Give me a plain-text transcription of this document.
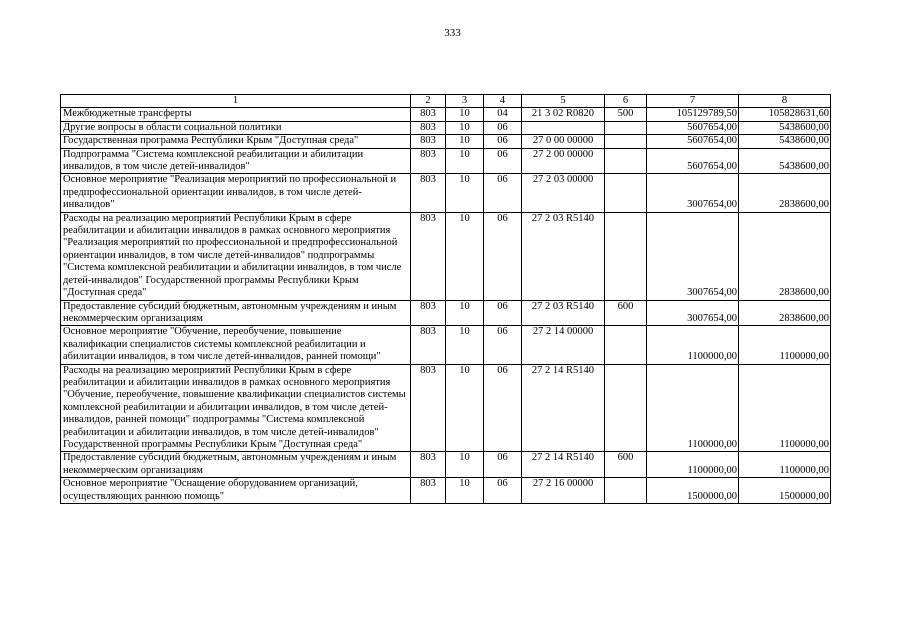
333
1	2	3	4	5	6	7	8
Межбюджетные трансферты	803	10	04	21 3 02 R0820	500	105129789,50	105828631,60
Другие вопросы в области социальной политики	803	10	06			5607654,00	5438600,00
Государственная программа Республики Крым "Доступная среда"	803	10	06	27 0 00 00000		5607654,00	5438600,00
Подпрограмма "Система комплексной реабилитации и абилитации инвалидов, в том числе детей-инвалидов"	803	10	06	27 2 00 00000		5607654,00	5438600,00
Основное мероприятие "Реализация мероприятий по профессиональной и предпрофессиональной ориентации инвалидов, в том числе детей-инвалидов"	803	10	06	27 2 03 00000		3007654,00	2838600,00
Расходы на реализацию мероприятий Республики Крым в сфере реабилитации и абилитации инвалидов в рамках основного мероприятия "Реализация мероприятий по профессиональной и предпрофессиональной ориентации инвалидов, в том числе детей-инвалидов" подпрограммы "Система комплексной реабилитации и абилитации инвалидов, в том числе детей-инвалидов" Государственной программы Республики Крым "Доступная среда"	803	10	06	27 2 03 R5140		3007654,00	2838600,00
Предоставление субсидий бюджетным, автономным учреждениям и иным некоммерческим организациям	803	10	06	27 2 03 R5140	600	3007654,00	2838600,00
Основное мероприятие "Обучение, переобучение, повышение квалификации специалистов системы комплексной реабилитации и абилитации инвалидов, в том числе детей-инвалидов, ранней помощи"	803	10	06	27 2 14 00000		1100000,00	1100000,00
Расходы на реализацию мероприятий Республики Крым в сфере реабилитации и абилитации инвалидов в рамках основного мероприятия "Обучение, переобучение, повышение квалификации специалистов системы комплексной реабилитации и абилитации инвалидов, в том числе детей-инвалидов, ранней помощи" подпрограммы "Система комплексной реабилитации и абилитации инвалидов, в том числе детей-инвалидов" Государственной программы Республики Крым "Доступная среда"	803	10	06	27 2 14 R5140		1100000,00	1100000,00
Предоставление субсидий бюджетным, автономным учреждениям и иным некоммерческим организациям	803	10	06	27 2 14 R5140	600	1100000,00	1100000,00
Основное мероприятие "Оснащение оборудованием организаций, осуществляющих раннюю помощь"	803	10	06	27 2 16 00000		1500000,00	1500000,00
